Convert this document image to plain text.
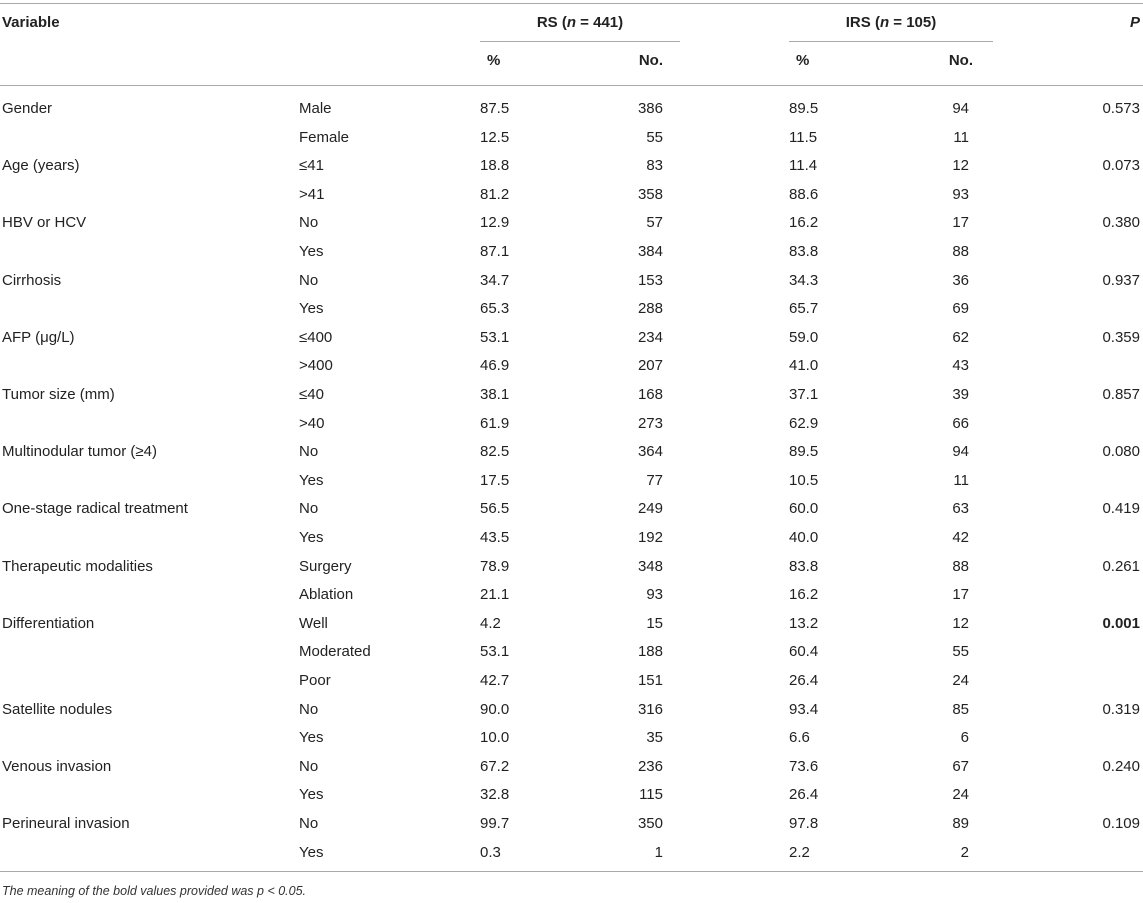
Variable	RS (n = 441)	IRS (n = 105)	P
%	No.	%	No.
Gender	Male	87.5	386	89.5	94	0.573
Female	12.5	55	11.5	11
Age (years)	≤41	18.8	83	11.4	12	0.073
>41	81.2	358	88.6	93
HBV or HCV	No	12.9	57	16.2	17	0.380
Yes	87.1	384	83.8	88
Cirrhosis	No	34.7	153	34.3	36	0.937
Yes	65.3	288	65.7	69
AFP (μg/L)	≤400	53.1	234	59.0	62	0.359
>400	46.9	207	41.0	43
Tumor size (mm)	≤40	38.1	168	37.1	39	0.857
>40	61.9	273	62.9	66
Multinodular tumor (≥4)	No	82.5	364	89.5	94	0.080
Yes	17.5	77	10.5	11
One-stage radical treatment	No	56.5	249	60.0	63	0.419
Yes	43.5	192	40.0	42
Therapeutic modalities	Surgery	78.9	348	83.8	88	0.261
Ablation	21.1	93	16.2	17
Differentiation	Well	4.2	15	13.2	12	0.001
Moderated	53.1	188	60.4	55
Poor	42.7	151	26.4	24
Satellite nodules	No	90.0	316	93.4	85	0.319
Yes	10.0	35	6.6	6
Venous invasion	No	67.2	236	73.6	67	0.240
Yes	32.8	115	26.4	24
Perineural invasion	No	99.7	350	97.8	89	0.109
Yes	0.3	1	2.2	2
The meaning of the bold values provided was p < 0.05.
